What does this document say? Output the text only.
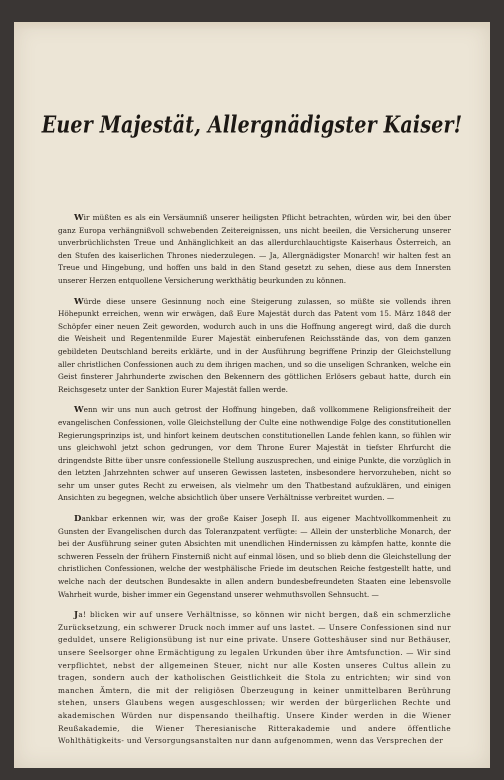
Euer Majestät, Allergnädigster Kaiser!

Wir müßten es als ein Versäumniß unserer heiligsten Pflicht betrachten, würden wir, bei den über ganz Europa verhängnißvoll schwebenden Zeitereignissen, uns nicht beeilen, die Versicherung unserer unverbrüchlichsten Treue und Anhänglichkeit an das allerdurchlauchtigste Kaiserhaus Österreich, an den Stufen des kaiserlichen Thrones niederzulegen. — Ja, Allergnädigster Monarch! wir halten fest an Treue und Hingebung, und hoffen uns bald in den Stand gesetzt zu sehen, diese aus dem Innersten unserer Herzen entquollene Versicherung werkthätig beurkunden zu können.

Würde diese unsere Gesinnung noch eine Steigerung zulassen, so müßte sie vollends ihren Höhepunkt erreichen, wenn wir erwägen, daß Eure Majestät durch das Patent vom 15. März 1848 der Schöpfer einer neuen Zeit geworden, wodurch auch in uns die Hoffnung angeregt wird, daß die durch die Weisheit und Regentenmilde Eurer Majestät einberufenen Reichsstände das, von dem ganzen gebildeten Deutschland bereits erklärte, und in der Ausführung begriffene Prinzip der Gleichstellung aller christlichen Confessionen auch zu dem ihrigen machen, und so die unseligen Schranken, welche ein Geist finsterer Jahrhunderte zwischen den Bekennern des göttlichen Erlösers gebaut hatte, durch ein Reichsgesetz unter der Sanktion Eurer Majestät fallen werde.

Wenn wir uns nun auch getrost der Hoffnung hingeben, daß vollkommene Religionsfreiheit der evangelischen Confessionen, volle Gleichstellung der Culte eine nothwendige Folge des constitutionellen Regierungsprinzips ist, und hinfort keinem deutschen constitutionellen Lande fehlen kann, so fühlen wir uns gleichwohl jetzt schon gedrungen, vor dem Throne Eurer Majestät in tiefster Ehrfurcht die dringendste Bitte über unsre confessionelle Stellung auszusprechen, und einige Punkte, die vorzüglich in den letzten Jahrzehnten schwer auf unseren Gewissen lasteten, insbesondere hervorzuheben, nicht so sehr um unser gutes Recht zu erweisen, als vielmehr um den Thatbestand aufzuklären, und einigen Ansichten zu begegnen, welche absichtlich über unsere Verhältnisse verbreitet wurden. —

Dankbar erkennen wir, was der große Kaiser Joseph II. aus eigener Machtvollkommenheit zu Gunsten der Evangelischen durch das Toleranzpatent verfügte: — Allein der unsterbliche Monarch, der bei der Ausführung seiner guten Absichten mit unendlichen Hindernissen zu kämpfen hatte, konnte die schweren Fesseln der frühern Finsterniß nicht auf einmal lösen, und so blieb denn die Gleichstellung der christlichen Confessionen, welche der westphälische Friede im deutschen Reiche festgestellt hatte, und welche nach der deutschen Bundesakte in allen andern bundesbefreundeten Staaten eine lebensvolle Wahrheit wurde, bisher immer ein Gegenstand unserer wehmuthsvollen Sehnsucht. —

Ja! blicken wir auf unsere Verhältnisse, so können wir nicht bergen, daß ein schmerzliche Zurücksetzung, ein schwerer Druck noch immer auf uns lastet. — Unsere Confessionen sind nur geduldet, unsere Religionsübung ist nur eine private. Unsere Gotteshäuser sind nur Bethäuser, unsere Seelsorger ohne Ermächtigung zu legalen Urkunden über ihre Amtsfunction. — Wir sind verpflichtet, nebst der allgemeinen Steuer, nicht nur alle Kosten unseres Cultus allein zu tragen, sondern auch der katholischen Geistlichkeit die Stola zu entrichten; wir sind von manchen Ämtern, die mit der religiösen Überzeugung in keiner unmittelbaren Berührung stehen, unsers Glaubens wegen ausgeschlossen; wir werden der bürgerlichen Rechte und akademischen Würden nur dispensando theilhaftig. Unsere Kinder werden in die Wiener Reußakademie, die Wiener Theresianische Ritterakademie und andere öffentliche Wohlthätigkeits- und Versorgungsanstalten nur dann aufgenommen, wenn das Versprechen der
